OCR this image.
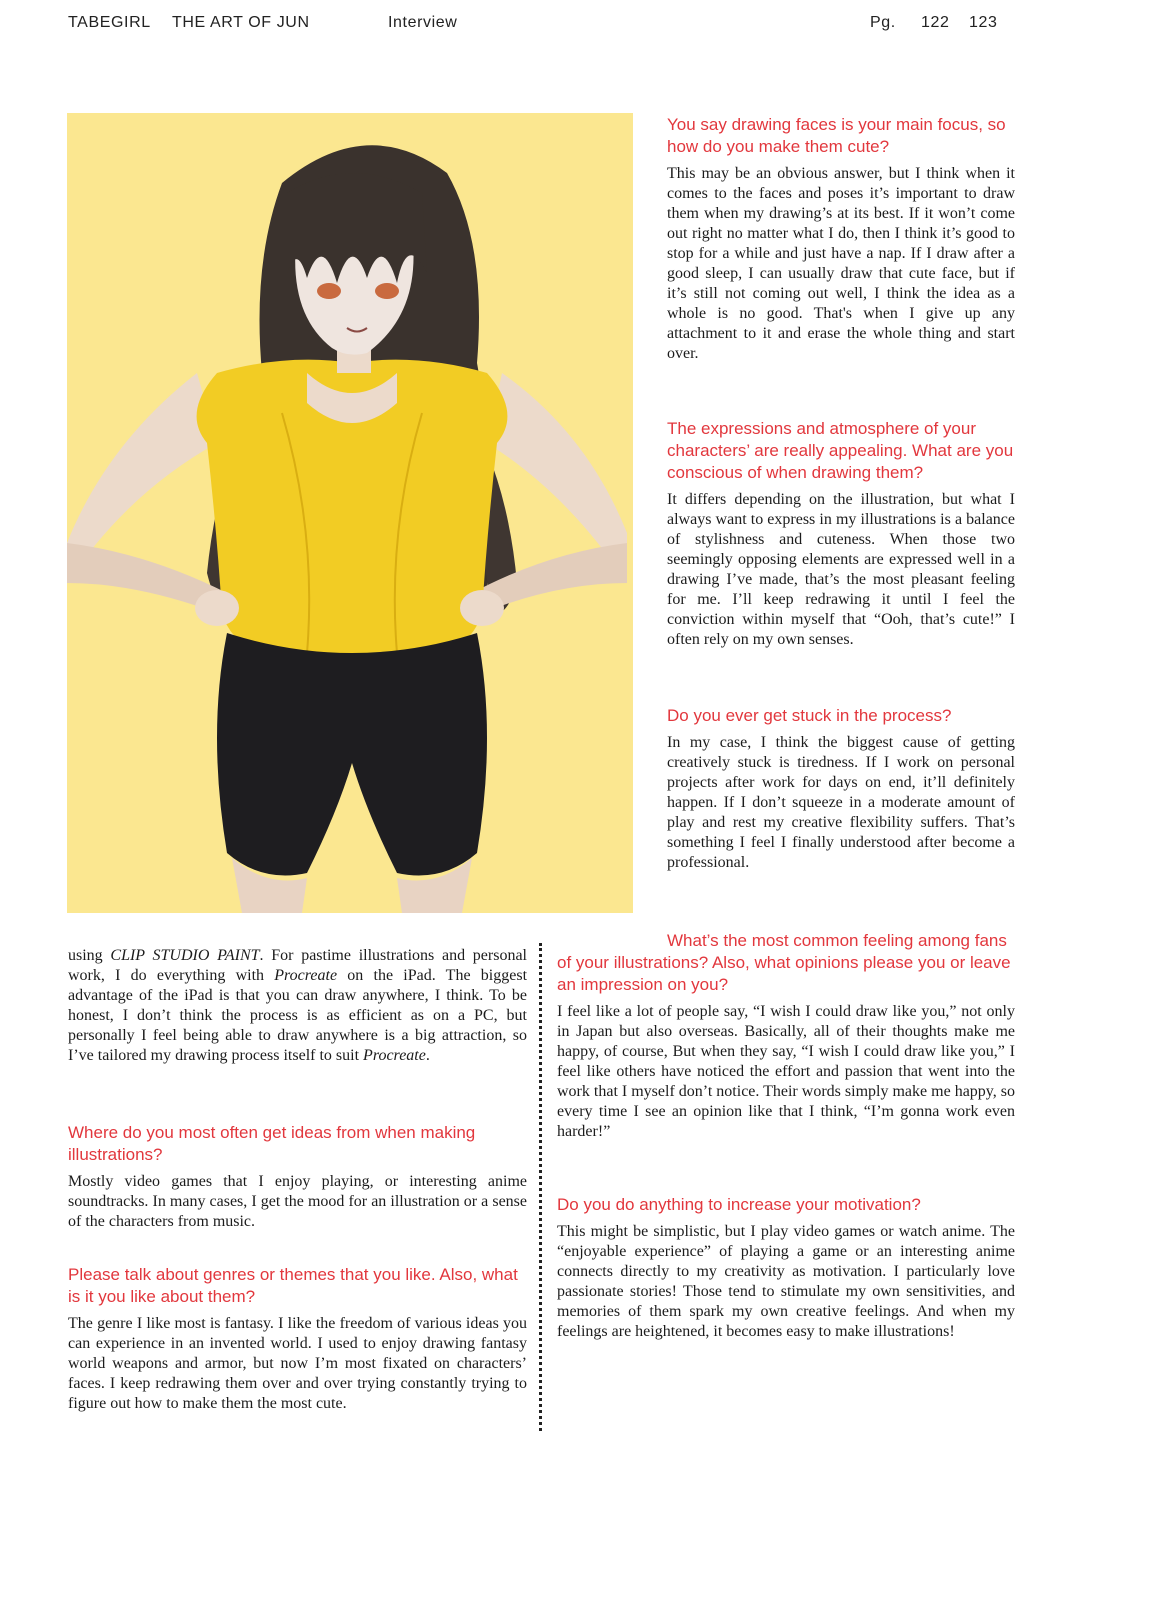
TABEGIRL THE ART OF JUN	Interview	Pg. 122 123

You say drawing faces is your main focus, so how do you make them cute?

This may be an obvious answer, but I think when it comes to the faces and poses it’s important to draw them when my drawing’s at its best. If it won’t come out right no matter what I do, then I think it’s good to stop for a while and just have a nap. If I draw after a good sleep, I can usually draw that cute face, but if it’s still not coming out well, I think the idea as a whole is no good. That's when I give up any attachment to it and erase the whole thing and start over.

The expressions and atmosphere of your characters’ are really appealing. What are you conscious of when drawing them?

It differs depending on the illustration, but what I always want to express in my illustrations is a balance of stylishness and cuteness. When those two seemingly opposing elements are expressed well in a drawing I’ve made, that’s the most pleasant feeling for me. I’ll keep redrawing it until I feel the conviction within myself that “Ooh, that’s cute!” I often rely on my own senses.

Do you ever get stuck in the process?

In my case, I think the biggest cause of getting creatively stuck is tiredness. If I work on personal projects after work for days on end, it’ll definitely happen. If I don’t squeeze in a moderate amount of play and rest my creative flexibility suffers. That’s something I feel I finally understood after become a professional.

What’s the most common feeling among fans of your illustrations? Also, what opinions please you or leave an impression on you?

I feel like a lot of people say, “I wish I could draw like you,” not only in Japan but also overseas. Basically, all of their thoughts make me happy, of course, But when they say, “I wish I could draw like you,” I feel like others have noticed the effort and passion that went into the work that I myself don’t notice. Their words simply make me happy, so every time I see an opinion like that I think, “I’m gonna work even harder!”

Do you do anything to increase your motivation?

This might be simplistic, but I play video games or watch anime. The “enjoyable experience” of playing a game or an interesting anime connects directly to my creativity as motivation. I particularly love passionate stories! Those tend to stimulate my own sensitivities, and memories of them spark my own creative feelings. And when my feelings are heightened, it becomes easy to make illustrations!

using CLIP STUDIO PAINT. For pastime illustrations and personal work, I do everything with Procreate on the iPad. The biggest advantage of the iPad is that you can draw anywhere, I think. To be honest, I don’t think the process is as efficient as on a PC, but personally I feel being able to draw anywhere is a big attraction, so I’ve tailored my drawing process itself to suit Procreate.

Where do you most often get ideas from when making illustrations?

Mostly video games that I enjoy playing, or interesting anime soundtracks. In many cases, I get the mood for an illustration or a sense of the characters from music.

Please talk about genres or themes that you like. Also, what is it you like about them?

The genre I like most is fantasy. I like the freedom of various ideas you can experience in an invented world. I used to enjoy drawing fantasy world weapons and armor, but now I’m most fixated on characters’ faces. I keep redrawing them over and over trying constantly trying to figure out how to make them the most cute.
